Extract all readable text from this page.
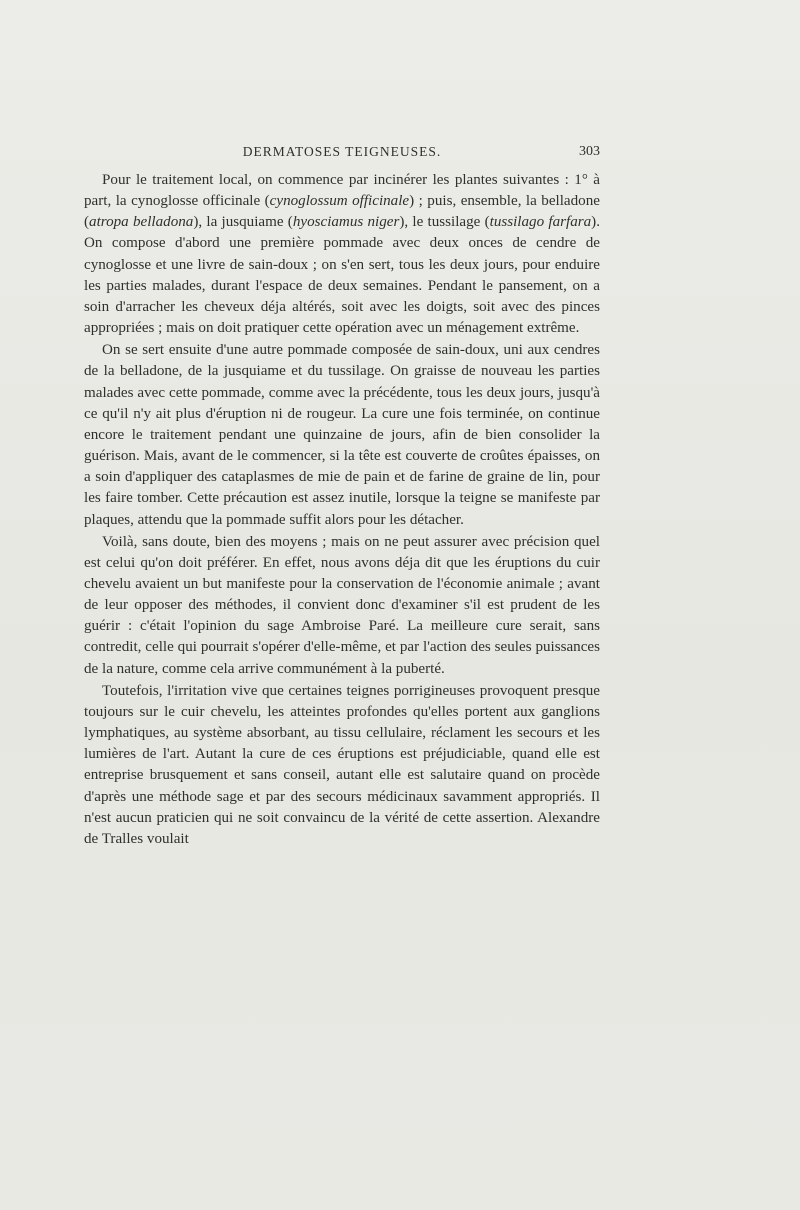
DERMATOSES TEIGNEUSES.	303

Pour le traitement local, on commence par incinérer les plantes suivantes : 1° à part, la cynoglosse officinale (cynoglossum officinale) ; puis, ensemble, la belladone (atropa belladona), la jusquiame (hyosciamus niger), le tussilage (tussilago farfara). On compose d'abord une première pommade avec deux onces de cendre de cynoglosse et une livre de sain-doux ; on s'en sert, tous les deux jours, pour enduire les parties malades, durant l'espace de deux semaines. Pendant le pansement, on a soin d'arracher les cheveux déja altérés, soit avec les doigts, soit avec des pinces appropriées ; mais on doit pratiquer cette opération avec un ménagement extrême.

On se sert ensuite d'une autre pommade composée de sain-doux, uni aux cendres de la belladone, de la jusquiame et du tussilage. On graisse de nouveau les parties malades avec cette pommade, comme avec la précédente, tous les deux jours, jusqu'à ce qu'il n'y ait plus d'éruption ni de rougeur. La cure une fois terminée, on continue encore le traitement pendant une quinzaine de jours, afin de bien consolider la guérison. Mais, avant de le commencer, si la tête est couverte de croûtes épaisses, on a soin d'appliquer des cataplasmes de mie de pain et de farine de graine de lin, pour les faire tomber. Cette précaution est assez inutile, lorsque la teigne se manifeste par plaques, attendu que la pommade suffit alors pour les détacher.

Voilà, sans doute, bien des moyens ; mais on ne peut assurer avec précision quel est celui qu'on doit préférer. En effet, nous avons déja dit que les éruptions du cuir chevelu avaient un but manifeste pour la conservation de l'économie animale ; avant de leur opposer des méthodes, il convient donc d'examiner s'il est prudent de les guérir : c'était l'opinion du sage Ambroise Paré. La meilleure cure serait, sans contredit, celle qui pourrait s'opérer d'elle-même, et par l'action des seules puissances de la nature, comme cela arrive communément à la puberté.

Toutefois, l'irritation vive que certaines teignes porrigineuses provoquent presque toujours sur le cuir chevelu, les atteintes profondes qu'elles portent aux ganglions lymphatiques, au système absorbant, au tissu cellulaire, réclament les secours et les lumières de l'art. Autant la cure de ces éruptions est préjudiciable, quand elle est entreprise brusquement et sans conseil, autant elle est salutaire quand on procède d'après une méthode sage et par des secours médicinaux savamment appropriés. Il n'est aucun praticien qui ne soit convaincu de la vérité de cette assertion. Alexandre de Tralles voulait
